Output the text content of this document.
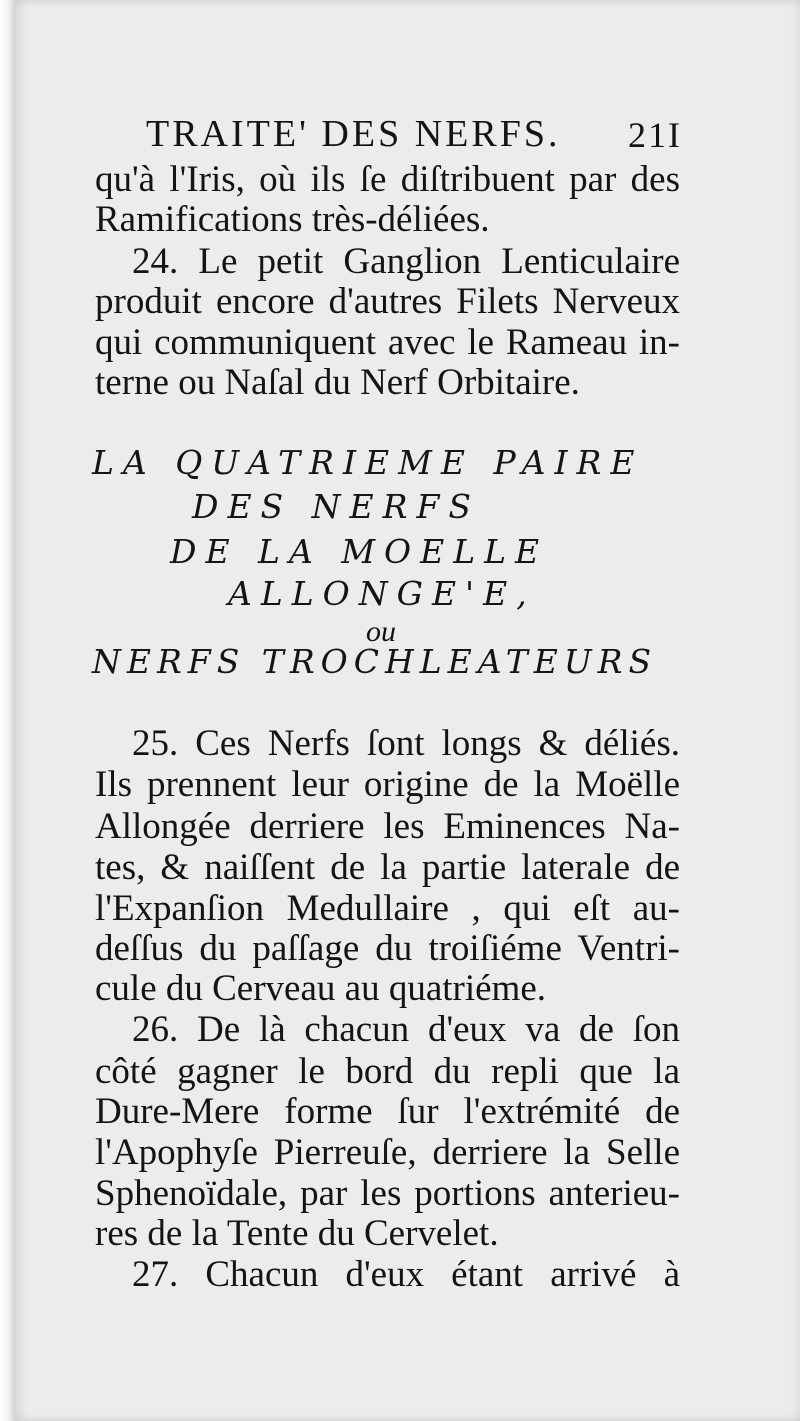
TRAITE' DES NERFS. 21I
qu'à l'Iris, où ils ſe diſtribuent par des
Ramifications très-déliées.
24. Le petit Ganglion Lenticulaire
produit encore d'autres Filets Nerveux
qui communiquent avec le Rameau in-
terne ou Naſal du Nerf Orbitaire.
LA QUATRIEME PAIRE
DES NERFS
DE LA MOELLE
ALLONGE'E,
ou
NERFS TROCHLEATEURS
25. Ces Nerfs ſont longs & déliés.
Ils prennent leur origine de la Moëlle
Allongée derriere les Eminences Na-
tes, & naiſſent de la partie laterale de
l'Expanſion Medullaire , qui eſt au-
deſſus du paſſage du troiſiéme Ventri-
cule du Cerveau au quatriéme.
26. De là chacun d'eux va de ſon
côté gagner le bord du repli que la
Dure-Mere forme ſur l'extrémité de
l'Apophyſe Pierreuſe, derriere la Selle
Sphenoïdale, par les portions anterieu-
res de la Tente du Cervelet.
27. Chacun d'eux étant arrivé à
